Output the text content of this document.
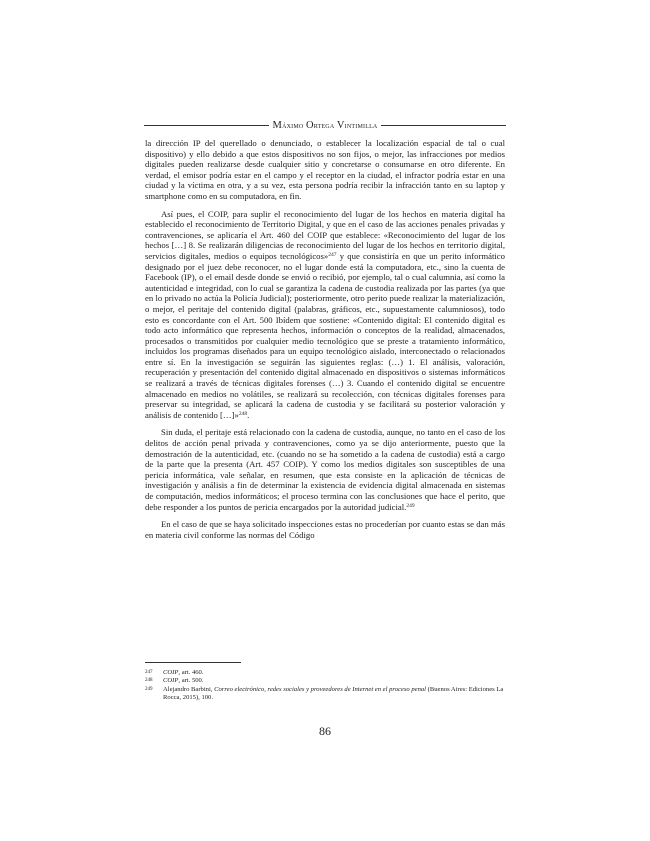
Máximo Ortega Vintimilla

la dirección IP del querellado o denunciado, o establecer la localización espacial de tal o cual dispositivo) y ello debido a que estos dispositivos no son fijos, o mejor, las infracciones por medios digitales pueden realizarse desde cualquier sitio y concretarse o consumarse en otro diferente. En verdad, el emisor podría estar en el campo y el receptor en la ciudad, el infractor podría estar en una ciudad y la víctima en otra, y a su vez, esta persona podría recibir la infracción tanto en su laptop y smartphone como en su computadora, en fin.

Así pues, el COIP, para suplir el reconocimiento del lugar de los hechos en materia digital ha establecido el reconocimiento de Territorio Digital, y que en el caso de las acciones penales privadas y contravenciones, se aplicaría el Art. 460 del COIP que establece: «Reconocimiento del lugar de los hechos […] 8. Se realizarán diligencias de reconocimiento del lugar de los hechos en territorio digital, servicios digitales, medios o equipos tecnológicos»$^{247}$ y que consistiría en que un perito informático designado por el juez debe reconocer, no el lugar donde está la computadora, etc., sino la cuenta de Facebook (IP), o el email desde donde se envió o recibió, por ejemplo, tal o cual calumnia, así como la autenticidad e integridad, con lo cual se garantiza la cadena de custodia realizada por las partes (ya que en lo privado no actúa la Policía Judicial); posteriormente, otro perito puede realizar la materialización, o mejor, el peritaje del contenido digital (palabras, gráficos, etc., supuestamente calumniosos), todo esto es concordante con el Art. 500 Ibídem que sostiene: «Contenido digital: El contenido digital es todo acto informático que representa hechos, información o conceptos de la realidad, almacenados, procesados o transmitidos por cualquier medio tecnológico que se preste a tratamiento informático, incluidos los programas diseñados para un equipo tecnológico aislado, interconectado o relacionados entre sí. En la investigación se seguirán las siguientes reglas: (…) 1. El análisis, valoración, recuperación y presentación del contenido digital almacenado en dispositivos o sistemas informáticos se realizará a través de técnicas digitales forenses (…) 3. Cuando el contenido digital se encuentre almacenado en medios no volátiles, se realizará su recolección, con técnicas digitales forenses para preservar su integridad, se aplicará la cadena de custodia y se facilitará su posterior valoración y análisis de contenido […]»$^{248}$.

Sin duda, el peritaje está relacionado con la cadena de custodia, aunque, no tanto en el caso de los delitos de acción penal privada y contravenciones, como ya se dijo anteriormente, puesto que la demostración de la autenticidad, etc. (cuando no se ha sometido a la cadena de custodia) está a cargo de la parte que la presenta (Art. 457 COIP). Y como los medios digitales son susceptibles de una pericia informática, vale señalar, en resumen, que esta consiste en la aplicación de técnicas de investigación y análisis a fin de determinar la existencia de evidencia digital almacenada en sistemas de computación, medios informáticos; el proceso termina con las conclusiones que hace el perito, que debe responder a los puntos de pericia encargados por la autoridad judicial.$^{249}$

En el caso de que se haya solicitado inspecciones estas no procederían por cuanto estas se dan más en materia civil conforme las normas del Código

247	COIP, art. 460.
248	COIP, art. 500.
249	Alejandro Barbini, Correo electrónico, redes sociales y proveedores de Internet en el proceso penal (Buenos Aires: Ediciones La Rocca, 2015), 100.
86
